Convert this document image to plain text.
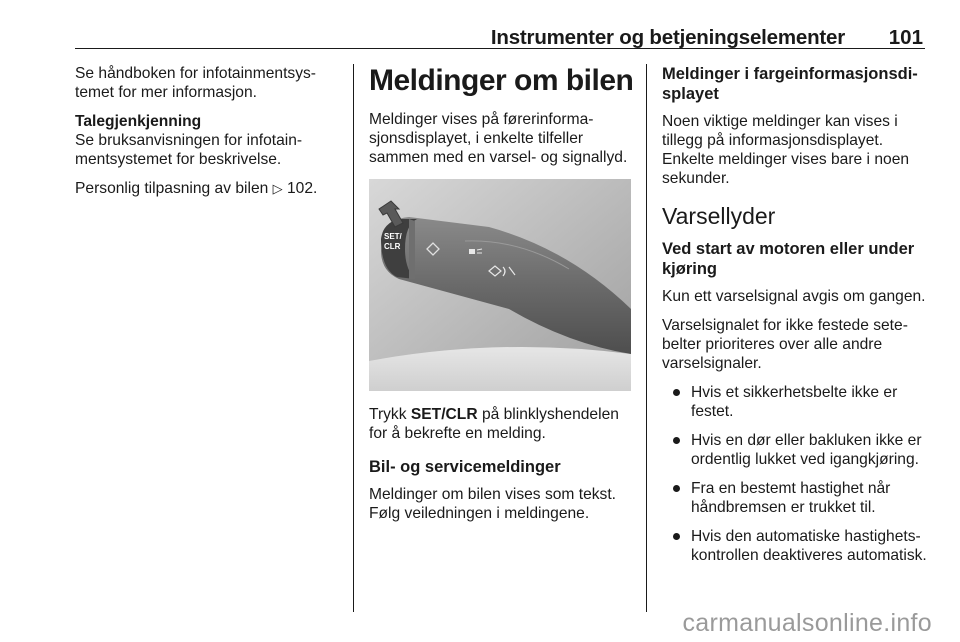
Instrumenter og betjeningselementer 101

Se håndboken for infotainmentsystemet for mer informasjon.

Talegjenkjenning

Se bruksanvisningen for infotainmentsystemet for beskrivelse.

Personlig tilpasning av bilen ▷ 102.

Meldinger om bilen

Meldinger vises på førerinformasjonsdisplayet, i enkelte tilfeller sammen med en varsel- og signallyd.

SET/
CLR

Trykk SET/CLR på blinklyshendelen for å bekrefte en melding.

Bil- og servicemeldinger

Meldinger om bilen vises som tekst. Følg veiledningen i meldingene.

Meldinger i fargeinformasjonsdisplayet

Noen viktige meldinger kan vises i tillegg på informasjonsdisplayet. Enkelte meldinger vises bare i noen sekunder.

Varsellyder
Ved start av motoren eller under kjøring

Kun ett varselsignal avgis om gangen.

Varselsignalet for ikke festede setebelter prioriteres over alle andre varselsignaler.

Hvis et sikkerhetsbelte ikke er festet.
Hvis en dør eller bakluken ikke er ordentlig lukket ved igangkjøring.
Fra en bestemt hastighet når håndbremsen er trukket til.
Hvis den automatiske hastighetskontrollen deaktiveres automatisk.
carmanualsonline.info
